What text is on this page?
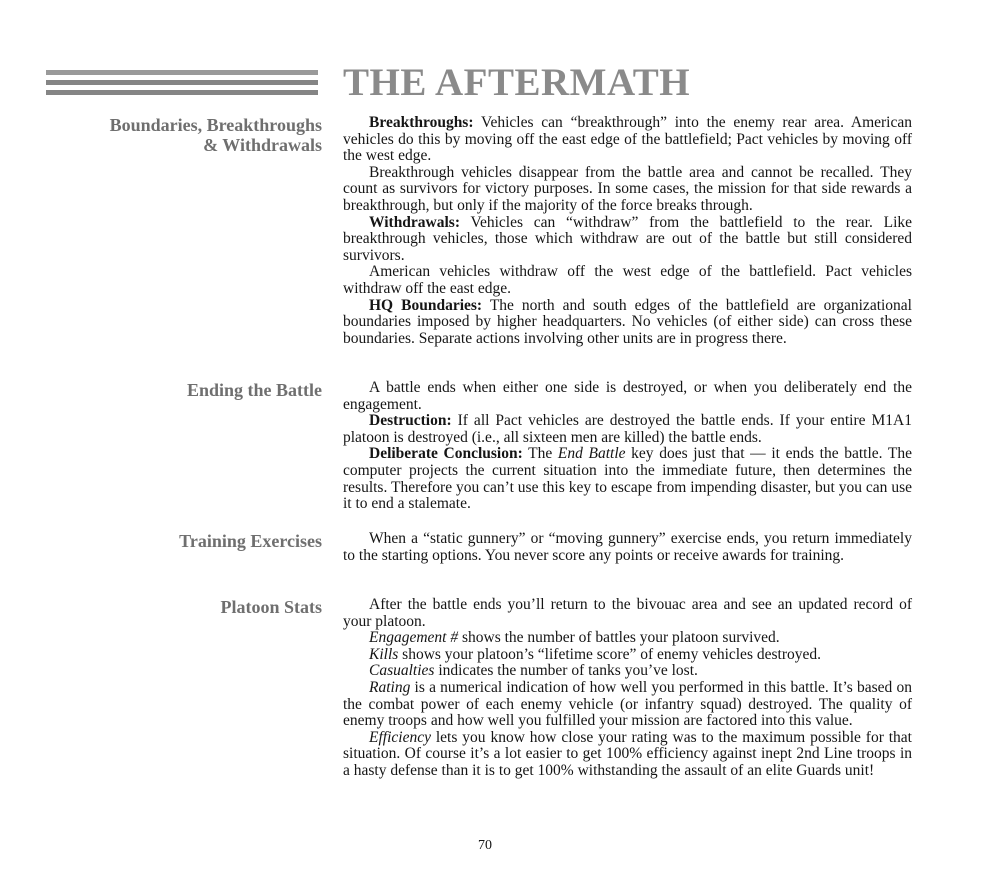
THE AFTERMATH
Boundaries, Breakthroughs
& Withdrawals

Breakthroughs: Vehicles can “breakthrough” into the enemy rear area. American vehicles do this by moving off the east edge of the battlefield; Pact vehicles by moving off the west edge.

Breakthrough vehicles disappear from the battle area and cannot be recalled. They count as survivors for victory purposes. In some cases, the mission for that side rewards a breakthrough, but only if the majority of the force breaks through.

Withdrawals: Vehicles can “withdraw” from the battlefield to the rear. Like breakthrough vehicles, those which withdraw are out of the battle but still considered survivors.

American vehicles withdraw off the west edge of the battlefield. Pact vehicles withdraw off the east edge.

HQ Boundaries: The north and south edges of the battlefield are organizational boundaries imposed by higher headquarters. No vehicles (of either side) can cross these boundaries. Separate actions involving other units are in progress there.

Ending the Battle	A battle ends when either one side is destroyed, or when you deliberately end the engagement.

Destruction: If all Pact vehicles are destroyed the battle ends. If your entire M1A1 platoon is destroyed (i.e., all sixteen men are killed) the battle ends.

Deliberate Conclusion: The End Battle key does just that — it ends the battle. The computer projects the current situation into the immediate future, then determines the results. Therefore you can’t use this key to escape from impending disaster, but you can use it to end a stalemate.

Training Exercises	When a “static gunnery” or “moving gunnery” exercise ends, you return immediately to the starting options. You never score any points or receive awards for training.

Platoon Stats	After the battle ends you’ll return to the bivouac area and see an updated record of your platoon.

Engagement # shows the number of battles your platoon survived.

Kills shows your platoon’s “lifetime score” of enemy vehicles destroyed.

Casualties indicates the number of tanks you’ve lost.

Rating is a numerical indication of how well you performed in this battle. It’s based on the combat power of each enemy vehicle (or infantry squad) destroyed. The quality of enemy troops and how well you fulfilled your mission are factored into this value.

Efficiency lets you know how close your rating was to the maximum possible for that situation. Of course it’s a lot easier to get 100% efficiency against inept 2nd Line troops in a hasty defense than it is to get 100% withstanding the assault of an elite Guards unit!

70
